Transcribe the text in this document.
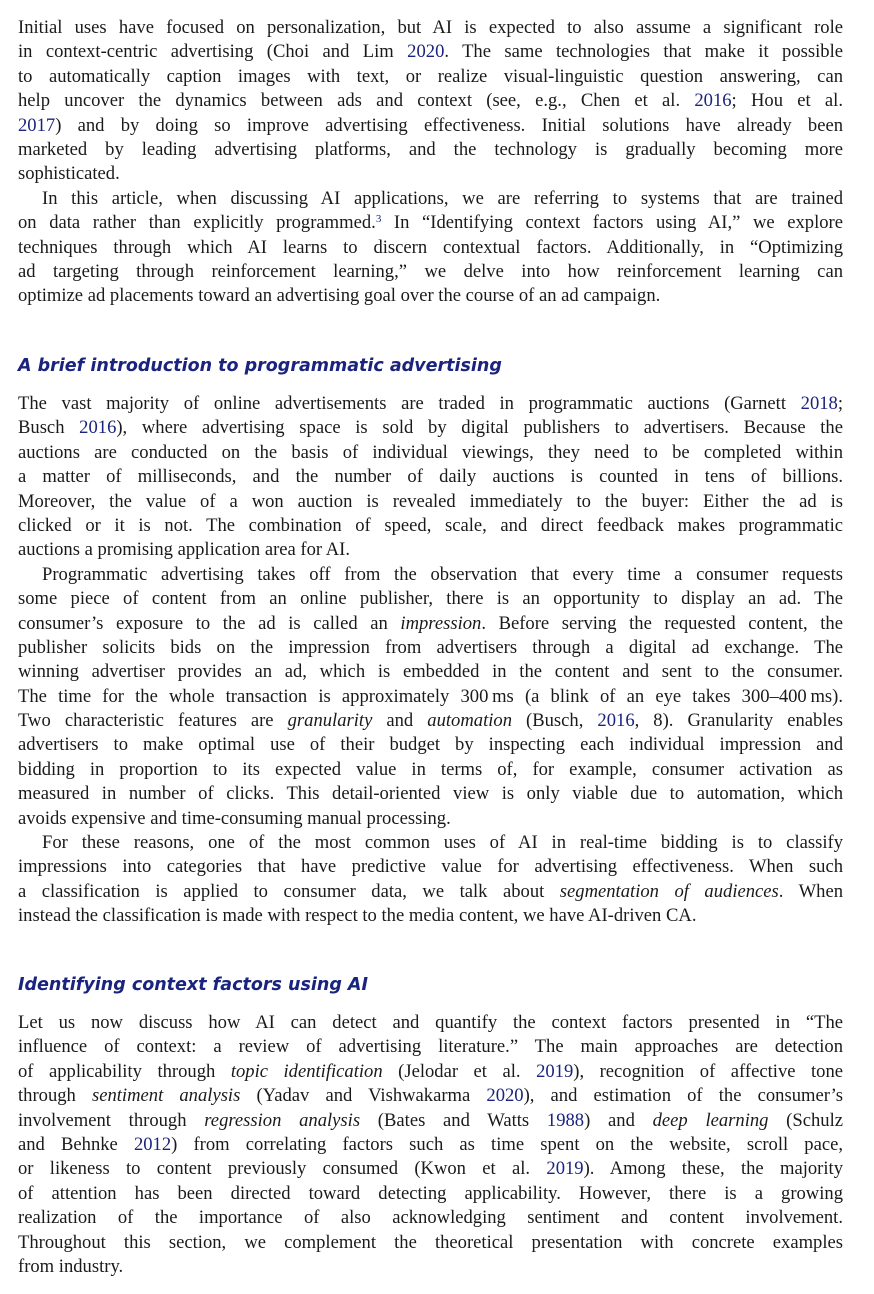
Initial uses have focused on personalization, but AI is expected to also assume a significant role
in context-centric advertising (Choi and Lim 2020. The same technologies that make it possible
to automatically caption images with text, or realize visual-linguistic question answering, can
help uncover the dynamics between ads and context (see, e.g., Chen et al. 2016; Hou et al.
2017) and by doing so improve advertising effectiveness. Initial solutions have already been
marketed by leading advertising platforms, and the technology is gradually becoming more
sophisticated.
In this article, when discussing AI applications, we are referring to systems that are trained
on data rather than explicitly programmed.$^3$ In “Identifying context factors using AI,” we explore
techniques through which AI learns to discern contextual factors. Additionally, in “Optimizing
ad targeting through reinforcement learning,” we delve into how reinforcement learning can
optimize ad placements toward an advertising goal over the course of an ad campaign.
A brief introduction to programmatic advertising
The vast majority of online advertisements are traded in programmatic auctions (Garnett 2018;
Busch 2016), where advertising space is sold by digital publishers to advertisers. Because the
auctions are conducted on the basis of individual viewings, they need to be completed within
a matter of milliseconds, and the number of daily auctions is counted in tens of billions.
Moreover, the value of a won auction is revealed immediately to the buyer: Either the ad is
clicked or it is not. The combination of speed, scale, and direct feedback makes programmatic
auctions a promising application area for AI.
Programmatic advertising takes off from the observation that every time a consumer requests
some piece of content from an online publisher, there is an opportunity to display an ad. The
consumer’s exposure to the ad is called an impression. Before serving the requested content, the
publisher solicits bids on the impression from advertisers through a digital ad exchange. The
winning advertiser provides an ad, which is embedded in the content and sent to the consumer.
The time for the whole transaction is approximately 300 ms (a blink of an eye takes 300–400 ms).
Two characteristic features are granularity and automation (Busch, 2016, 8). Granularity enables
advertisers to make optimal use of their budget by inspecting each individual impression and
bidding in proportion to its expected value in terms of, for example, consumer activation as
measured in number of clicks. This detail-oriented view is only viable due to automation, which
avoids expensive and time-consuming manual processing.
For these reasons, one of the most common uses of AI in real-time bidding is to classify
impressions into categories that have predictive value for advertising effectiveness. When such
a classification is applied to consumer data, we talk about segmentation of audiences. When
instead the classification is made with respect to the media content, we have AI-driven CA.
Identifying context factors using AI
Let us now discuss how AI can detect and quantify the context factors presented in “The
influence of context: a review of advertising literature.” The main approaches are detection
of applicability through topic identification (Jelodar et al. 2019), recognition of affective tone
through sentiment analysis (Yadav and Vishwakarma 2020), and estimation of the consumer’s
involvement through regression analysis (Bates and Watts 1988) and deep learning (Schulz
and Behnke 2012) from correlating factors such as time spent on the website, scroll pace,
or likeness to content previously consumed (Kwon et al. 2019). Among these, the majority
of attention has been directed toward detecting applicability. However, there is a growing
realization of the importance of also acknowledging sentiment and content involvement.
Throughout this section, we complement the theoretical presentation with concrete examples
from industry.
